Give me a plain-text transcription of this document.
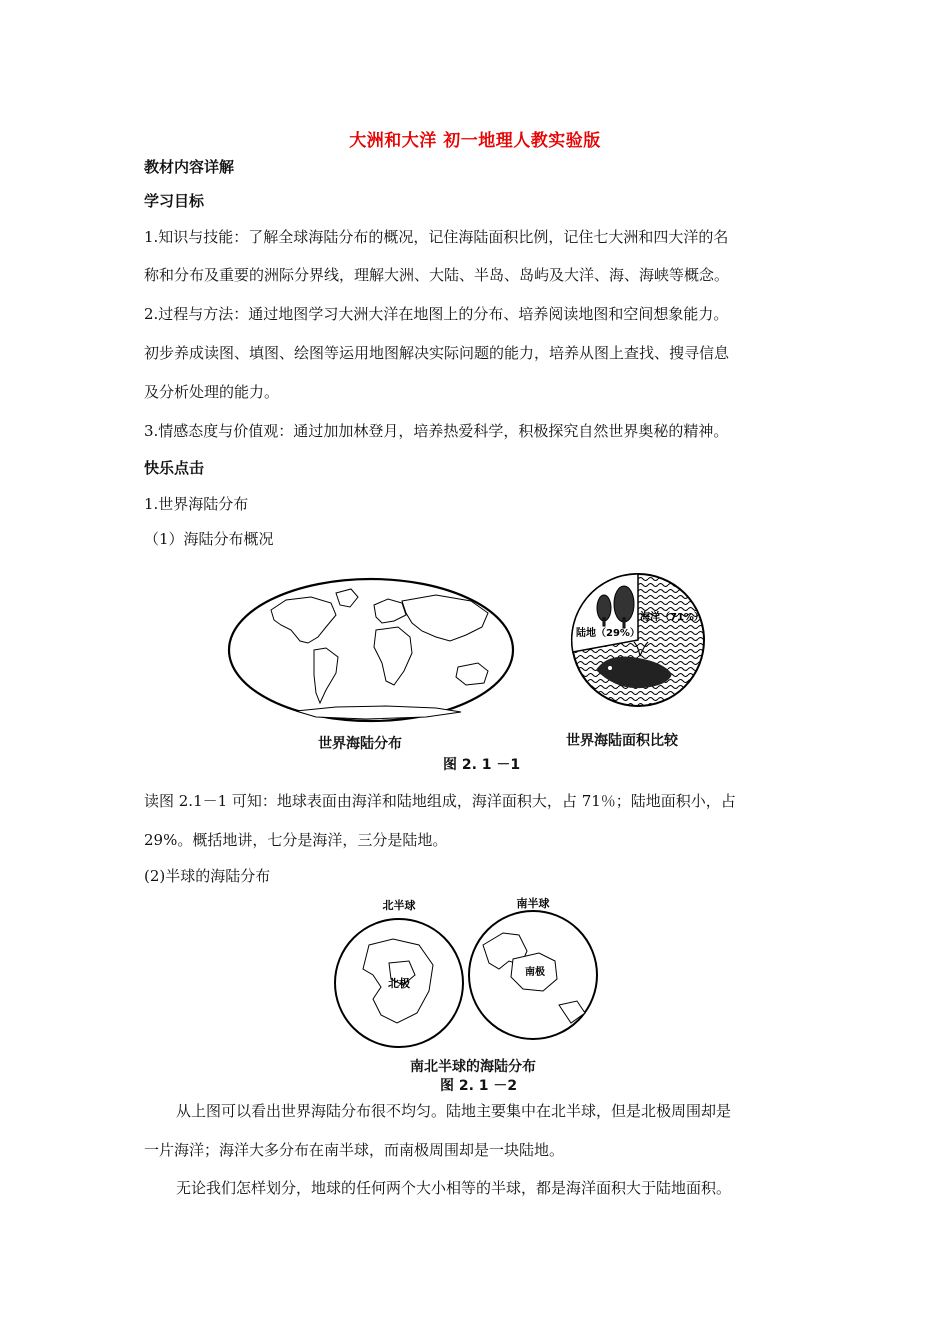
大洲和大洋 初一地理人教实验版
教材内容详解
学习目标
1.知识与技能：了解全球海陆分布的概况，记住海陆面积比例，记住七大洲和四大洋的名
称和分布及重要的洲际分界线，理解大洲、大陆、半岛、岛屿及大洋、海、海峡等概念。
2.过程与方法：通过地图学习大洲大洋在地图上的分布、培养阅读地图和空间想象能力。
初步养成读图、填图、绘图等运用地图解决实际问题的能力，培养从图上查找、搜寻信息
及分析处理的能力。
3.情感态度与价值观：通过加加林登月，培养热爱科学，积极探究自然世界奥秘的精神。
快乐点击
1.世界海陆分布
（1）海陆分布概况
陆地（29%）
海洋（71%）
世界海陆分布	世界海陆面积比较
图 2. 1 －1
读图 2.1－1 可知：地球表面由海洋和陆地组成，海洋面积大，占 71％；陆地面积小，占
29%。概括地讲，七分是海洋，三分是陆地。
(2)半球的海陆分布
北极
北半球
南极
南半球
南北半球的海陆分布
图 2. 1 －2
从上图可以看出世界海陆分布很不均匀。陆地主要集中在北半球，但是北极周围却是
一片海洋；海洋大多分布在南半球，而南极周围却是一块陆地。
无论我们怎样划分，地球的任何两个大小相等的半球，都是海洋面积大于陆地面积。
